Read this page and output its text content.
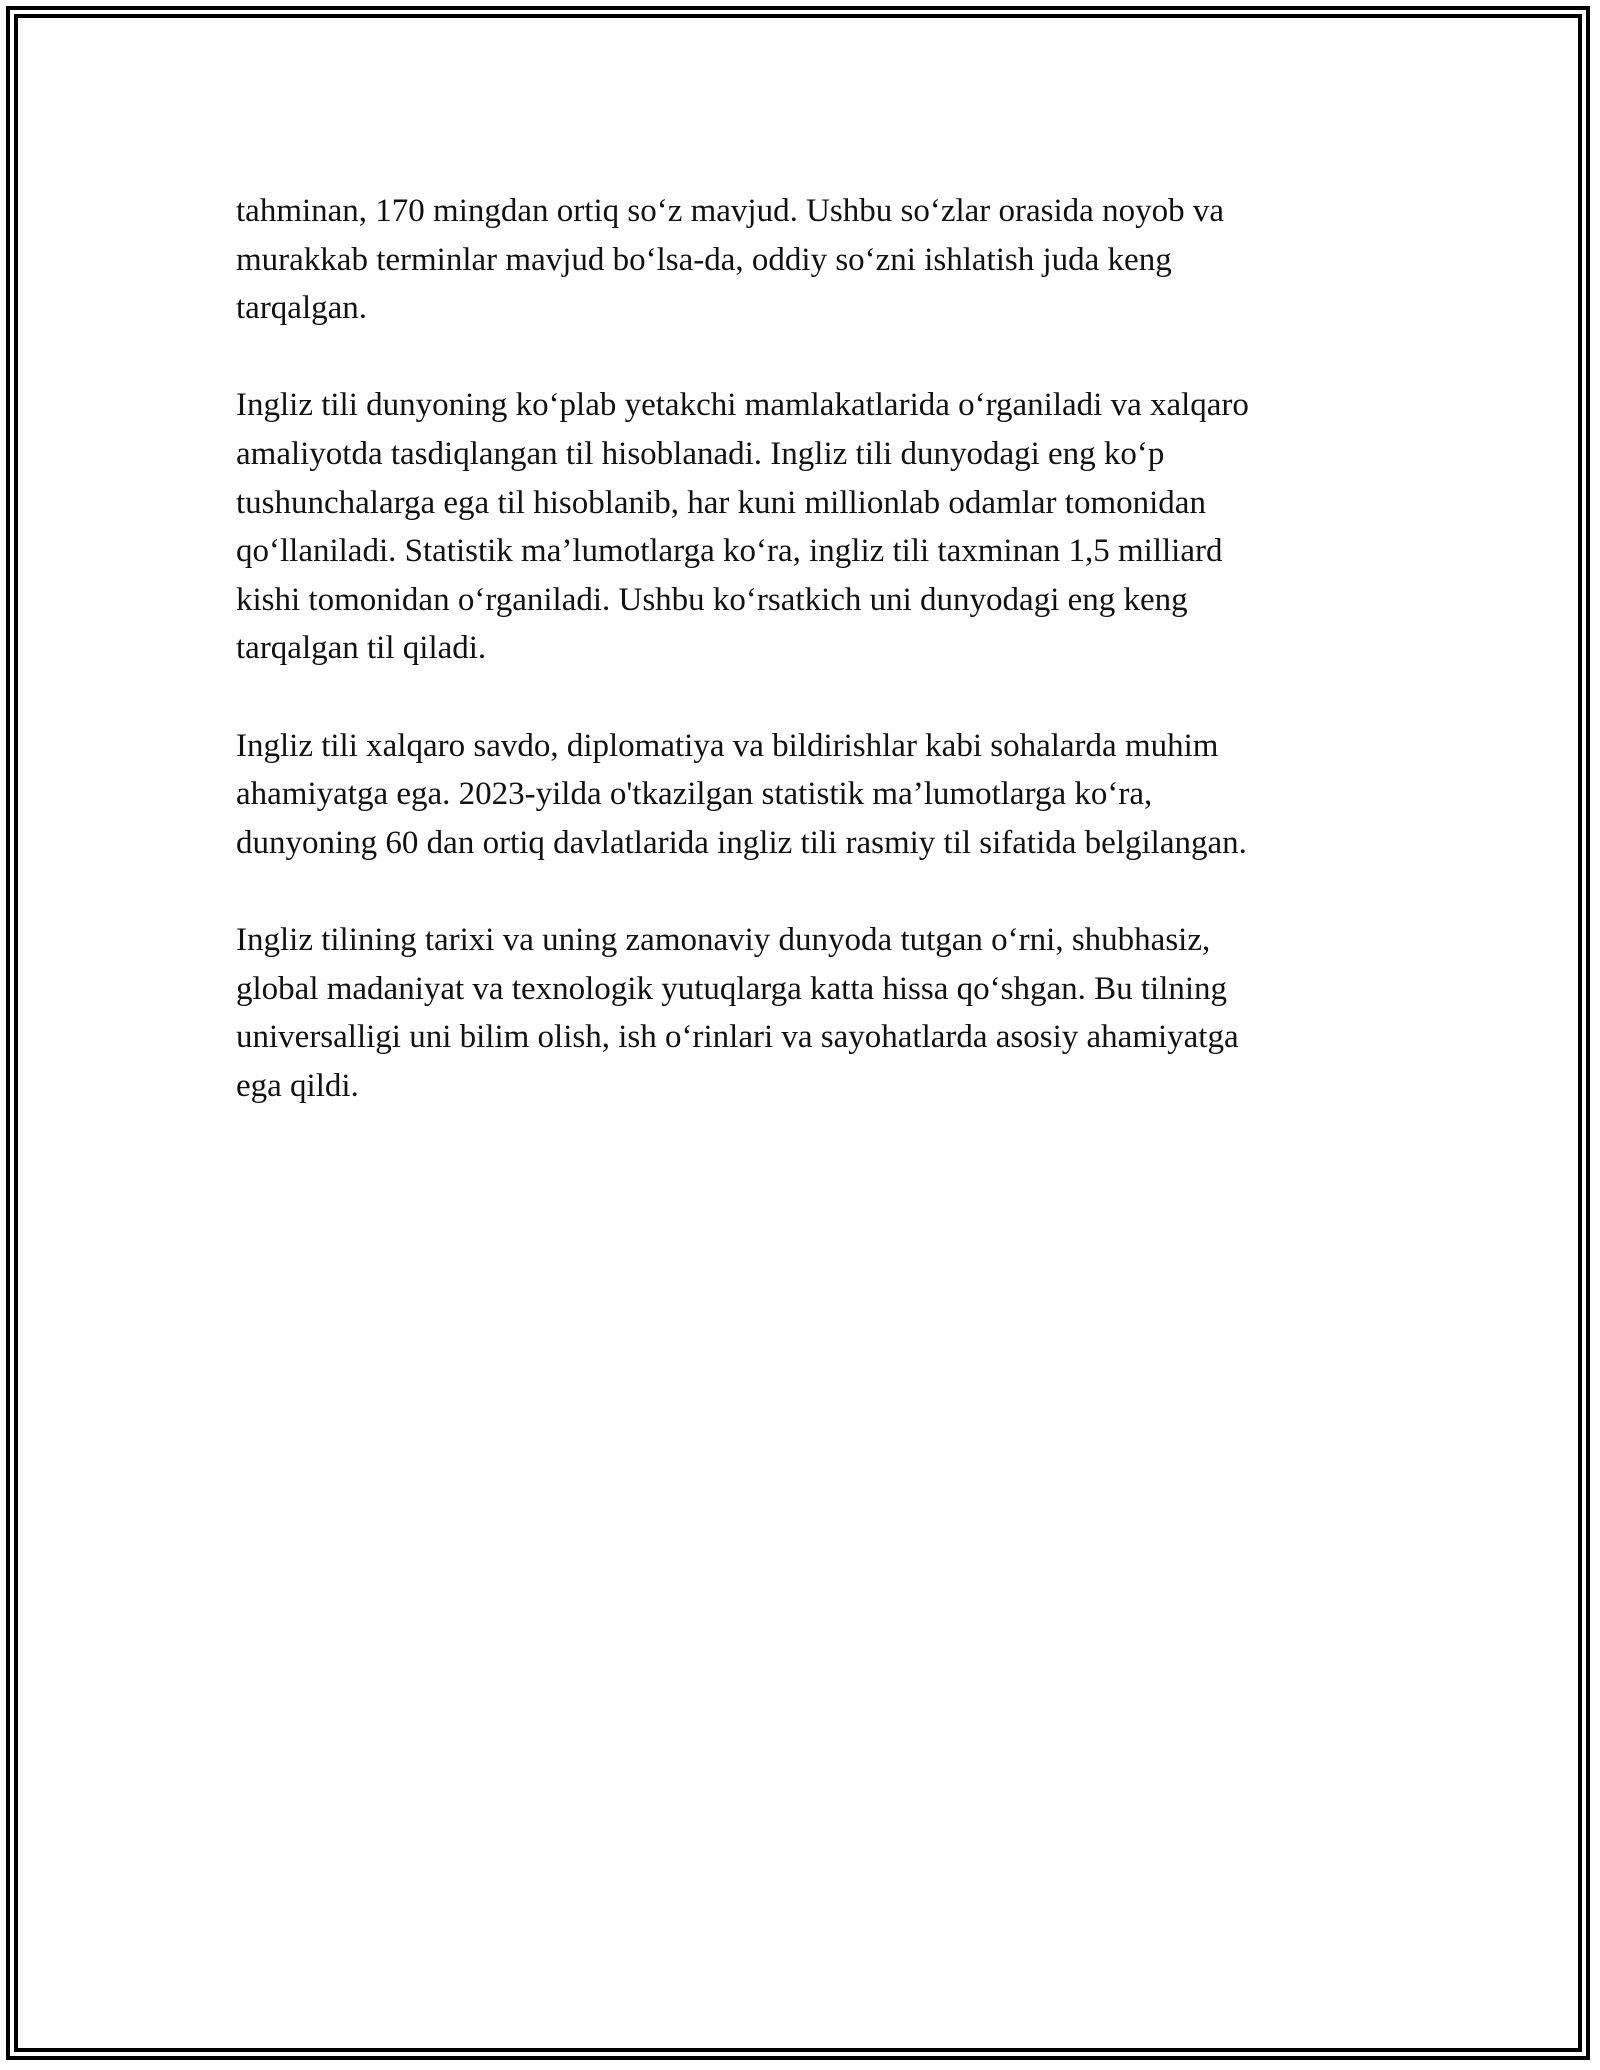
tahminan, 170 mingdan ortiq so‘z mavjud. Ushbu so‘zlar orasida noyob va
murakkab terminlar mavjud bo‘lsa-da, oddiy so‘zni ishlatish juda keng
tarqalgan.

Ingliz tili dunyoning ko‘plab yetakchi mamlakatlarida o‘rganiladi va xalqaro
amaliyotda tasdiqlangan til hisoblanadi. Ingliz tili dunyodagi eng ko‘p
tushunchalarga ega til hisoblanib, har kuni millionlab odamlar tomonidan
qo‘llaniladi. Statistik ma’lumotlarga ko‘ra, ingliz tili taxminan 1,5 milliard
kishi tomonidan o‘rganiladi. Ushbu ko‘rsatkich uni dunyodagi eng keng
tarqalgan til qiladi.

Ingliz tili xalqaro savdo, diplomatiya va bildirishlar kabi sohalarda muhim
ahamiyatga ega. 2023-yilda o'tkazilgan statistik ma’lumotlarga ko‘ra,
dunyoning 60 dan ortiq davlatlarida ingliz tili rasmiy til sifatida belgilangan.

Ingliz tilining tarixi va uning zamonaviy dunyoda tutgan o‘rni, shubhasiz,
global madaniyat va texnologik yutuqlarga katta hissa qo‘shgan. Bu tilning
universalligi uni bilim olish, ish o‘rinlari va sayohatlarda asosiy ahamiyatga
ega qildi.
